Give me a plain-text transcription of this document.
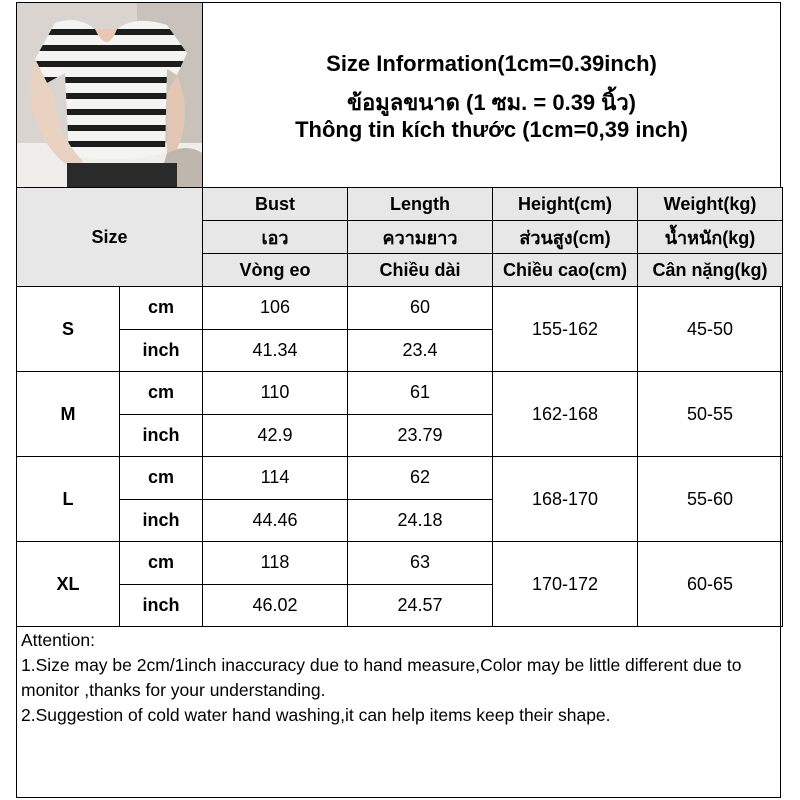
Size Information(1cm=0.39inch)
ข้อมูลขนาด (1 ซม. = 0.39 นิ้ว)
Thông tin kích thước (1cm=0,39 inch)
Size		Bust	Length	Height(cm)	Weight(kg)
		เอว	ความยาว	ส่วนสูง(cm)	น้ำหนัก(kg)
		Vòng eo	Chiều dài	Chiều cao(cm)	Cân nặng(kg)
S	cm	106	60	155-162	45-50
	inch	41.34	23.4		
M	cm	110	61	162-168	50-55
	inch	42.9	23.79		
L	cm	114	62	168-170	55-60
	inch	44.46	24.18		
XL	cm	118	63	170-172	60-65
	inch	46.02	24.57		

Attention:

1.Size may be 2cm/1inch inaccuracy due to hand measure,Color may be little different due to monitor ,thanks for your understanding.

2.Suggestion of cold water hand washing,it can help items keep their shape.
